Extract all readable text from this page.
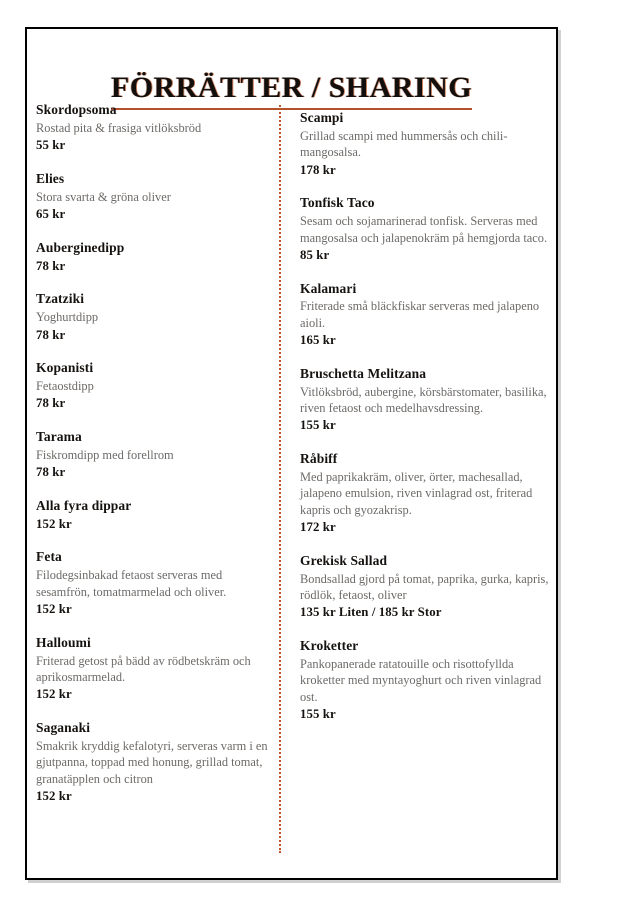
FÖRRÄTTER / SHARING
Skordopsoma
Rostad pita & frasiga vitlöksbröd
55 kr
Elies
Stora svarta & gröna oliver
65 kr
Auberginedipp
78 kr
Tzatziki
Yoghurtdipp
78 kr
Kopanisti
Fetaostdipp
78 kr
Tarama
Fiskromdipp med forellrom
78 kr
Alla fyra dippar
152 kr
Feta
Filodegsinbakad fetaost serveras med sesamfrön, tomatmarmelad och oliver.
152 kr
Halloumi
Friterad getost på bädd av rödbetskräm och aprikosmarmelad.
152 kr
Saganaki
Smakrik kryddig kefalotyri, serveras varm i en gjutpanna, toppad med honung, grillad tomat, granatäpplen och citron
152 kr
Scampi
Grillad scampi med hummersås och chili-mangosalsa.
178 kr
Tonfisk Taco
Sesam och sojamarinerad tonfisk. Serveras med mangosalsa och jalapenokräm på hemgjorda taco.
85 kr
Kalamari
Friterade små bläckfiskar serveras med jalapeno aioli.
165 kr
Bruschetta Melitzana
Vitlöksbröd, aubergine, körsbärstomater, basilika, riven fetaost och medelhavsdressing.
155 kr
Råbiff
Med paprikakräm, oliver, örter, machesallad, jalapeno emulsion, riven vinlagrad ost, friterad kapris och gyozakrisp.
172 kr
Grekisk Sallad
Bondsallad gjord på tomat, paprika, gurka, kapris, rödlök, fetaost, oliver
135 kr Liten / 185 kr Stor
Kroketter
Pankopanerade ratatouille och risottofyllda kroketter med myntayoghurt och riven vinlagrad ost.
155 kr
